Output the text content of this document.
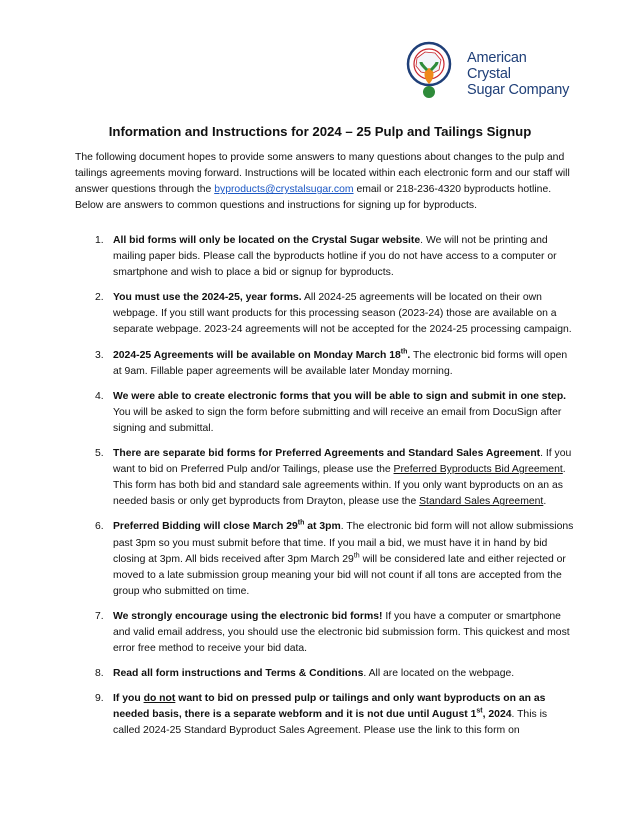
American Crystal
Sugar Company
Information and Instructions for 2024 – 25 Pulp and Tailings Signup
The following document hopes to provide some answers to many questions about changes to the pulp and tailings agreements moving forward. Instructions will be located within each electronic form and our staff will answer questions through the byproducts@crystalsugar.com email or 218-236-4320 byproducts hotline. Below are answers to common questions and instructions for signing up for byproducts.
1. All bid forms will only be located on the Crystal Sugar website. We will not be printing and mailing paper bids. Please call the byproducts hotline if you do not have access to a computer or smartphone and wish to place a bid or signup for byproducts.
2. You must use the 2024-25, year forms. All 2024-25 agreements will be located on their own webpage. If you still want products for this processing season (2023-24) those are available on a separate webpage. 2023-24 agreements will not be accepted for the 2024-25 processing campaign.
3. 2024-25 Agreements will be available on Monday March 18th. The electronic bid forms will open at 9am. Fillable paper agreements will be available later Monday morning.
4. We were able to create electronic forms that you will be able to sign and submit in one step. You will be asked to sign the form before submitting and will receive an email from DocuSign after signing and submittal.
5. There are separate bid forms for Preferred Agreements and Standard Sales Agreement. If you want to bid on Preferred Pulp and/or Tailings, please use the Preferred Byproducts Bid Agreement. This form has both bid and standard sale agreements within. If you only want byproducts on an as needed basis or only get byproducts from Drayton, please use the Standard Sales Agreement.
6. Preferred Bidding will close March 29th at 3pm. The electronic bid form will not allow submissions past 3pm so you must submit before that time. If you mail a bid, we must have it in hand by bid closing at 3pm. All bids received after 3pm March 29th will be considered late and either rejected or moved to a late submission group meaning your bid will not count if all tons are accepted from the group who submitted on time.
7. We strongly encourage using the electronic bid forms! If you have a computer or smartphone and valid email address, you should use the electronic bid submission form. This quickest and most error free method to receive your bid data.
8. Read all form instructions and Terms & Conditions. All are located on the webpage.
9. If you do not want to bid on pressed pulp or tailings and only want byproducts on an as needed basis, there is a separate webform and it is not due until August 1st, 2024. This is called 2024-25 Standard Byproduct Sales Agreement. Please use the link to this form on
